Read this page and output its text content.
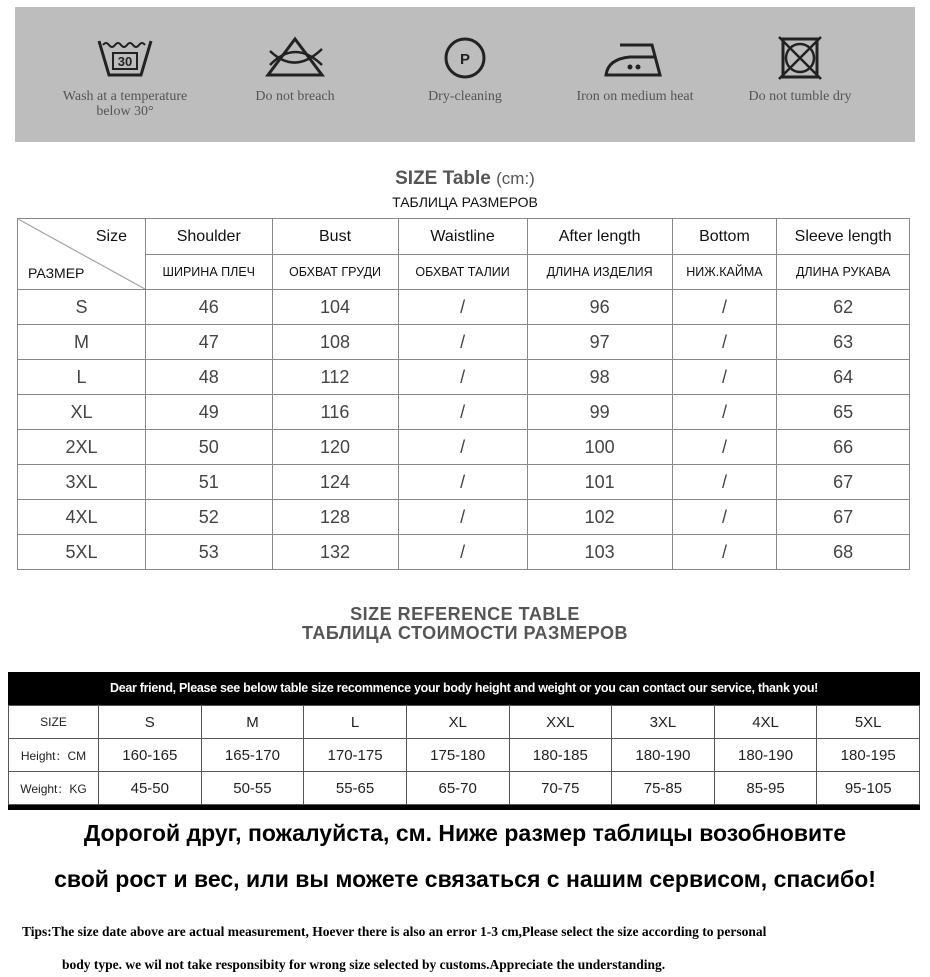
30
Wash at a temperature below 30°
Do not breach
P
Dry-cleaning	Iron on medium heat	Do not tumble dry
SIZE Table (cm:)
ТАБЛИЦА РАЗМЕРОВ
Size
РАЗМЕР	Shoulder	Bust	Waistline	After length	Bottom	Sleeve length
	ШИРИНА ПЛЕЧ	ОБХВАТ ГРУДИ	ОБХВАТ ТАЛИИ	ДЛИНА ИЗДЕЛИЯ	НИЖ.КАЙМА	ДЛИНА РУКАВА
S	46	104	/	96	/	62
M	47	108	/	97	/	63
L	48	112	/	98	/	64
XL	49	116	/	99	/	65
2XL	50	120	/	100	/	66
3XL	51	124	/	101	/	67
4XL	52	128	/	102	/	67
5XL	53	132	/	103	/	68
SIZE REFERENCE TABLE
ТАБЛИЦА СТОИМОСТИ РАЗМЕРОВ
Dear friend, Please see below table size recommence your body height and weight or you can contact our service, thank you!
SIZE	S	M	L	XL	XXL	3XL	4XL	5XL
Height：CM	160-165	165-170	170-175	175-180	180-185	180-190	180-190	180-195
Weight：KG	45-50	50-55	55-65	65-70	70-75	75-85	85-95	95-105
Дорогой друг, пожалуйста, см. Ниже размер таблицы возобновите
свой рост и вес, или вы можете связаться с нашим сервисом, спасибо!
Tips:The size date above are actual measurement, Hoever there is also an error 1-3 cm,Please select the size according to personal
body type. we wil not take responsibity for wrong size selected by customs.Appreciate the understanding.
